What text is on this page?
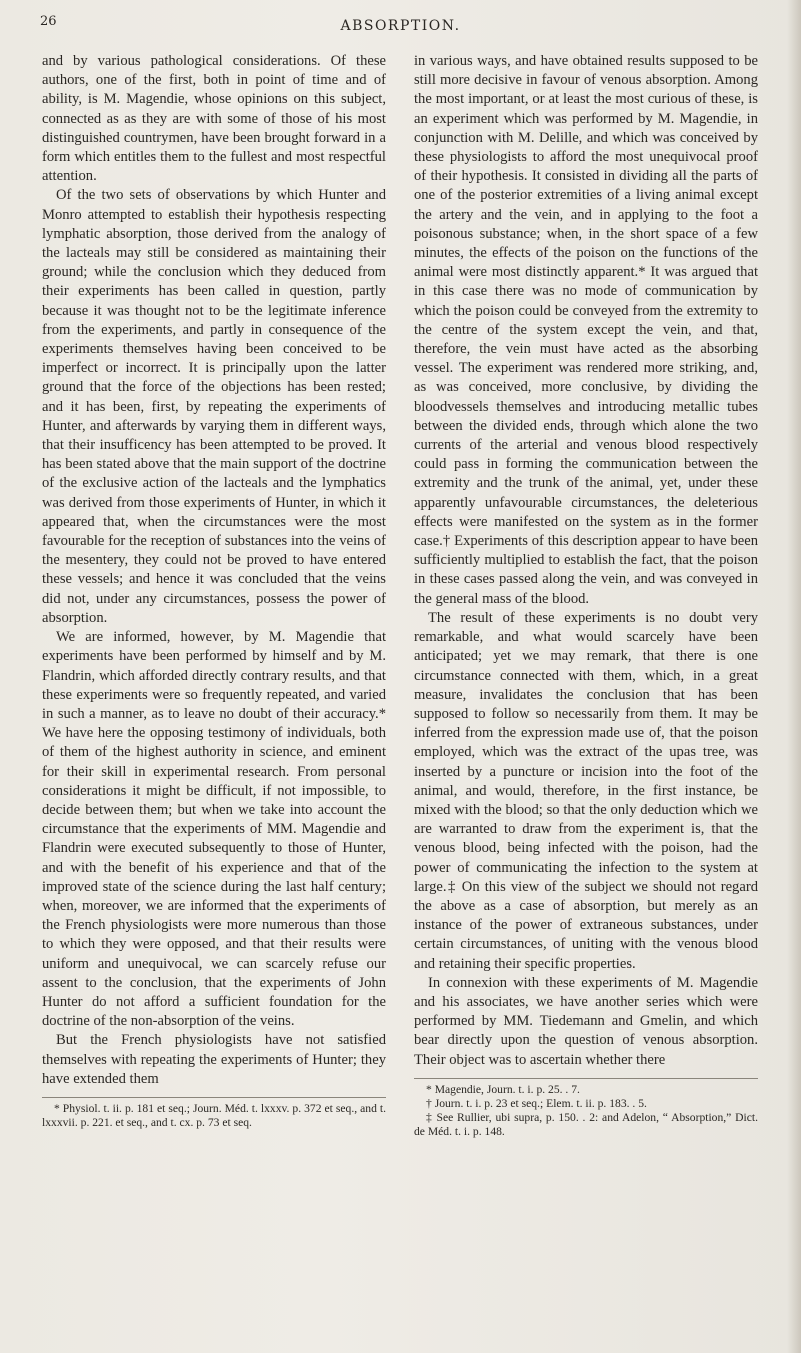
26	ABSORPTION.

and by various pathological considerations. Of these authors, one of the first, both in point of time and of ability, is M. Magendie, whose opinions on this subject, connected as as they are with some of those of his most distinguished countrymen, have been brought forward in a form which entitles them to the fullest and most respectful attention.

Of the two sets of observations by which Hunter and Monro attempted to establish their hypothesis respecting lymphatic absorption, those derived from the analogy of the lacteals may still be considered as maintaining their ground; while the conclusion which they deduced from their experiments has been called in question, partly because it was thought not to be the legitimate inference from the experiments, and partly in consequence of the experiments themselves having been conceived to be imperfect or incorrect. It is principally upon the latter ground that the force of the objections has been rested; and it has been, first, by repeating the experiments of Hunter, and afterwards by varying them in different ways, that their insufficency has been attempted to be proved. It has been stated above that the main support of the doctrine of the exclusive action of the lacteals and the lymphatics was derived from those experiments of Hunter, in which it appeared that, when the circumstances were the most favourable for the reception of substances into the veins of the mesentery, they could not be proved to have entered these vessels; and hence it was concluded that the veins did not, under any circumstances, possess the power of absorption.

We are informed, however, by M. Magendie that experiments have been performed by himself and by M. Flandrin, which afforded directly contrary results, and that these experiments were so frequently repeated, and varied in such a manner, as to leave no doubt of their accuracy.* We have here the opposing testimony of individuals, both of them of the highest authority in science, and eminent for their skill in experimental research. From personal considerations it might be difficult, if not impossible, to decide between them; but when we take into account the circumstance that the experiments of MM. Magendie and Flandrin were executed subsequently to those of Hunter, and with the benefit of his experience and that of the improved state of the science during the last half century; when, moreover, we are informed that the experiments of the French physiologists were more numerous than those to which they were opposed, and that their results were uniform and unequivocal, we can scarcely refuse our assent to the conclusion, that the experiments of John Hunter do not afford a sufficient foundation for the doctrine of the non-absorption of the veins.

But the French physiologists have not satisfied themselves with repeating the experiments of Hunter; they have extended them

* Physiol. t. ii. p. 181 et seq.; Journ. Méd. t. lxxxv. p. 372 et seq., and t. lxxxvii. p. 221. et seq., and t. cx. p. 73 et seq.

in various ways, and have obtained results supposed to be still more decisive in favour of venous absorption. Among the most important, or at least the most curious of these, is an experiment which was performed by M. Magendie, in conjunction with M. Delille, and which was conceived by these physiologists to afford the most unequivocal proof of their hypothesis. It consisted in dividing all the parts of one of the posterior extremities of a living animal except the artery and the vein, and in applying to the foot a poisonous substance; when, in the short space of a few minutes, the effects of the poison on the functions of the animal were most distinctly apparent.* It was argued that in this case there was no mode of communication by which the poison could be conveyed from the extremity to the centre of the system except the vein, and that, therefore, the vein must have acted as the absorbing vessel. The experiment was rendered more striking, and, as was conceived, more conclusive, by dividing the bloodvessels themselves and introducing metallic tubes between the divided ends, through which alone the two currents of the arterial and venous blood respectively could pass in forming the communication between the extremity and the trunk of the animal, yet, under these apparently unfavourable circumstances, the deleterious effects were manifested on the system as in the former case.† Experiments of this description appear to have been sufficiently multiplied to establish the fact, that the poison in these cases passed along the vein, and was conveyed in the general mass of the blood.

The result of these experiments is no doubt very remarkable, and what would scarcely have been anticipated; yet we may remark, that there is one circumstance connected with them, which, in a great measure, invalidates the conclusion that has been supposed to follow so necessarily from them. It may be inferred from the expression made use of, that the poison employed, which was the extract of the upas tree, was inserted by a puncture or incision into the foot of the animal, and would, therefore, in the first instance, be mixed with the blood; so that the only deduction which we are warranted to draw from the experiment is, that the venous blood, being infected with the poison, had the power of communicating the infection to the system at large.‡ On this view of the subject we should not regard the above as a case of absorption, but merely as an instance of the power of extraneous substances, under certain circumstances, of uniting with the venous blood and retaining their specific properties.

In connexion with these experiments of M. Magendie and his associates, we have another series which were performed by MM. Tiedemann and Gmelin, and which bear directly upon the question of venous absorption. Their object was to ascertain whether there

* Magendie, Journ. t. i. p. 25. . 7.

† Journ. t. i. p. 23 et seq.; Elem. t. ii. p. 183. . 5.

‡ See Rullier, ubi supra, p. 150. . 2: and Adelon, “ Absorption,” Dict. de Méd. t. i. p. 148.
